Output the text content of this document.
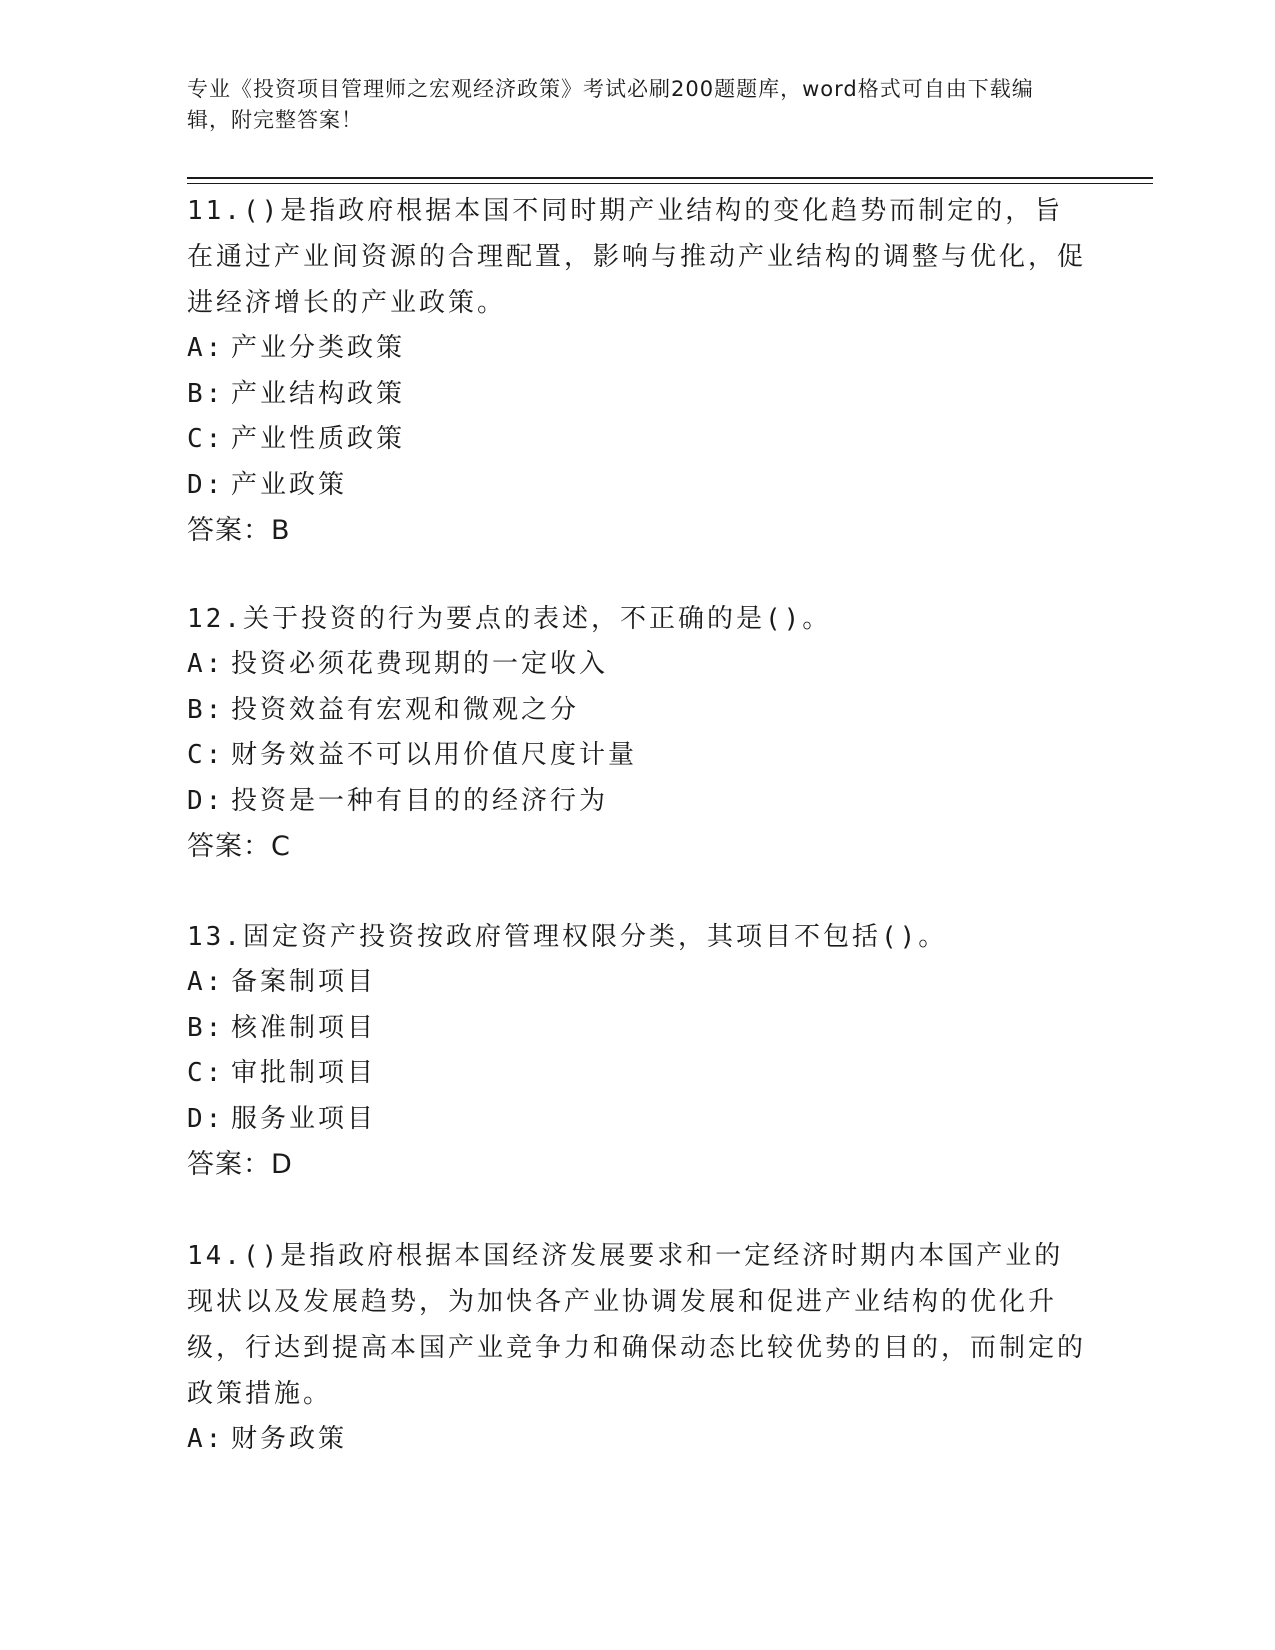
专业《投资项目管理师之宏观经济政策》考试必刷200题题库，word格式可自由下载编辑，附完整答案！

11.()是指政府根据本国不同时期产业结构的变化趋势而制定的，旨在通过产业间资源的合理配置，影响与推动产业结构的调整与优化，促进经济增长的产业政策。

A: 产业分类政策

B: 产业结构政策

C: 产业性质政策

D: 产业政策

答案：B

12.关于投资的行为要点的表述，不正确的是()。

A: 投资必须花费现期的一定收入

B: 投资效益有宏观和微观之分

C: 财务效益不可以用价值尺度计量

D: 投资是一种有目的的经济行为

答案：C

13.固定资产投资按政府管理权限分类，其项目不包括()。

A: 备案制项目

B: 核准制项目

C: 审批制项目

D: 服务业项目

答案：D

14.()是指政府根据本国经济发展要求和一定经济时期内本国产业的现状以及发展趋势，为加快各产业协调发展和促进产业结构的优化升级，行达到提高本国产业竞争力和确保动态比较优势的目的，而制定的政策措施。

A: 财务政策
